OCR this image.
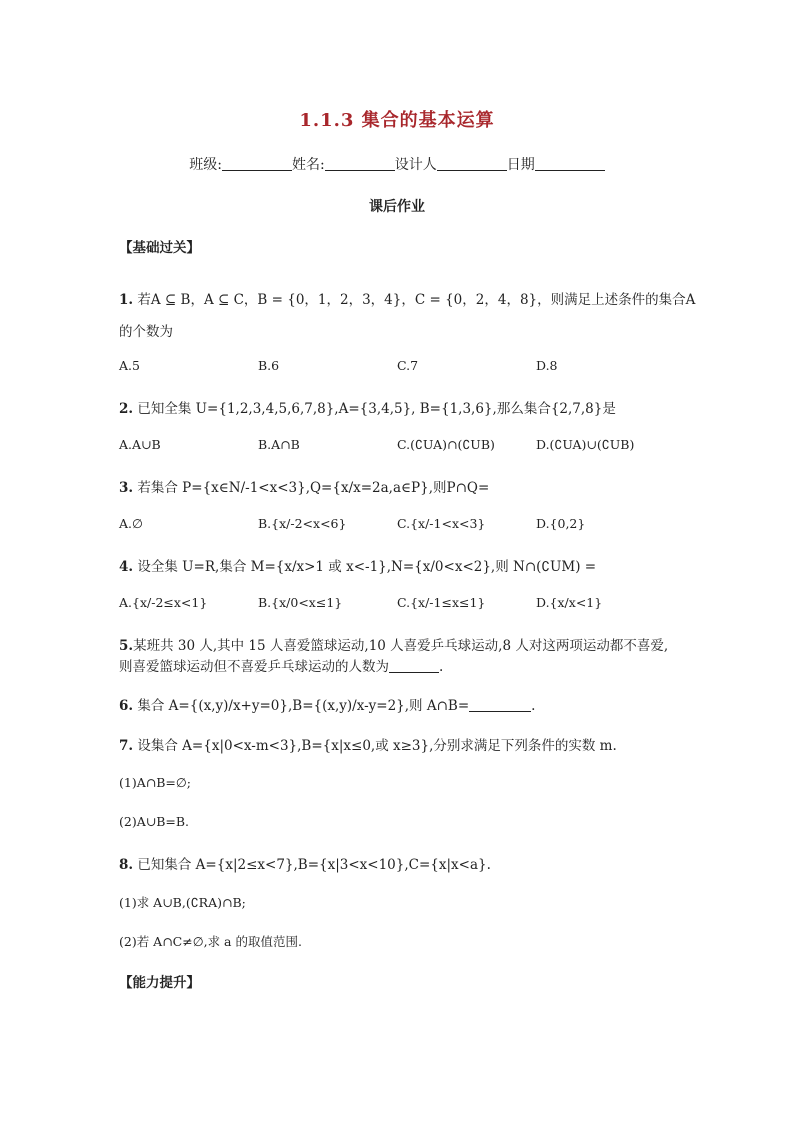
1.1.3 集合的基本运算
班级:	姓名:	设计人	日期
课后作业
【基础过关】
1. 若A ⊆ B，A ⊆ C，B = {0，1，2，3，4}，C = {0，2，4，8}，则满足上述条件的集合A
的个数为
A.5	B.6	C.7	D.8
2. 已知全集 U={1,2,3,4,5,6,7,8},A={3,4,5}, B={1,3,6},那么集合{2,7,8}是
A.A∪B	B.A∩B	C.(∁UA)∩(∁UB)	D.(∁UA)∪(∁UB)
3. 若集合 P={x∈N/-1<x<3},Q={x/x=2a,a∈P},则P∩Q=
A.∅	B.{x/-2<x<6}	C.{x/-1<x<3}	D.{0,2}
4. 设全集 U=R,集合 M={x/x>1 或 x<-1},N={x/0<x<2},则 N∩(∁UM) =
A.{x/-2≤x<1}	B.{x/0<x≤1}	C.{x/-1≤x≤1}	D.{x/x<1}
5.某班共 30 人,其中 15 人喜爱篮球运动,10 人喜爱乒乓球运动,8 人对这两项运动都不喜爱,
则喜爱篮球运动但不喜爱乒乓球运动的人数为	.
6. 集合 A={(x,y)/x+y=0},B={(x,y)/x-y=2},则 A∩B=	.
7. 设集合 A={x|0<x-m<3},B={x|x≤0,或 x≥3},分别求满足下列条件的实数 m.
(1)A∩B=∅;
(2)A∪B=B.
8. 已知集合 A={x|2≤x<7},B={x|3<x<10},C={x|x<a}.
(1)求 A∪B,(∁RA)∩B;
(2)若 A∩C≠∅,求 a 的取值范围.
【能力提升】
